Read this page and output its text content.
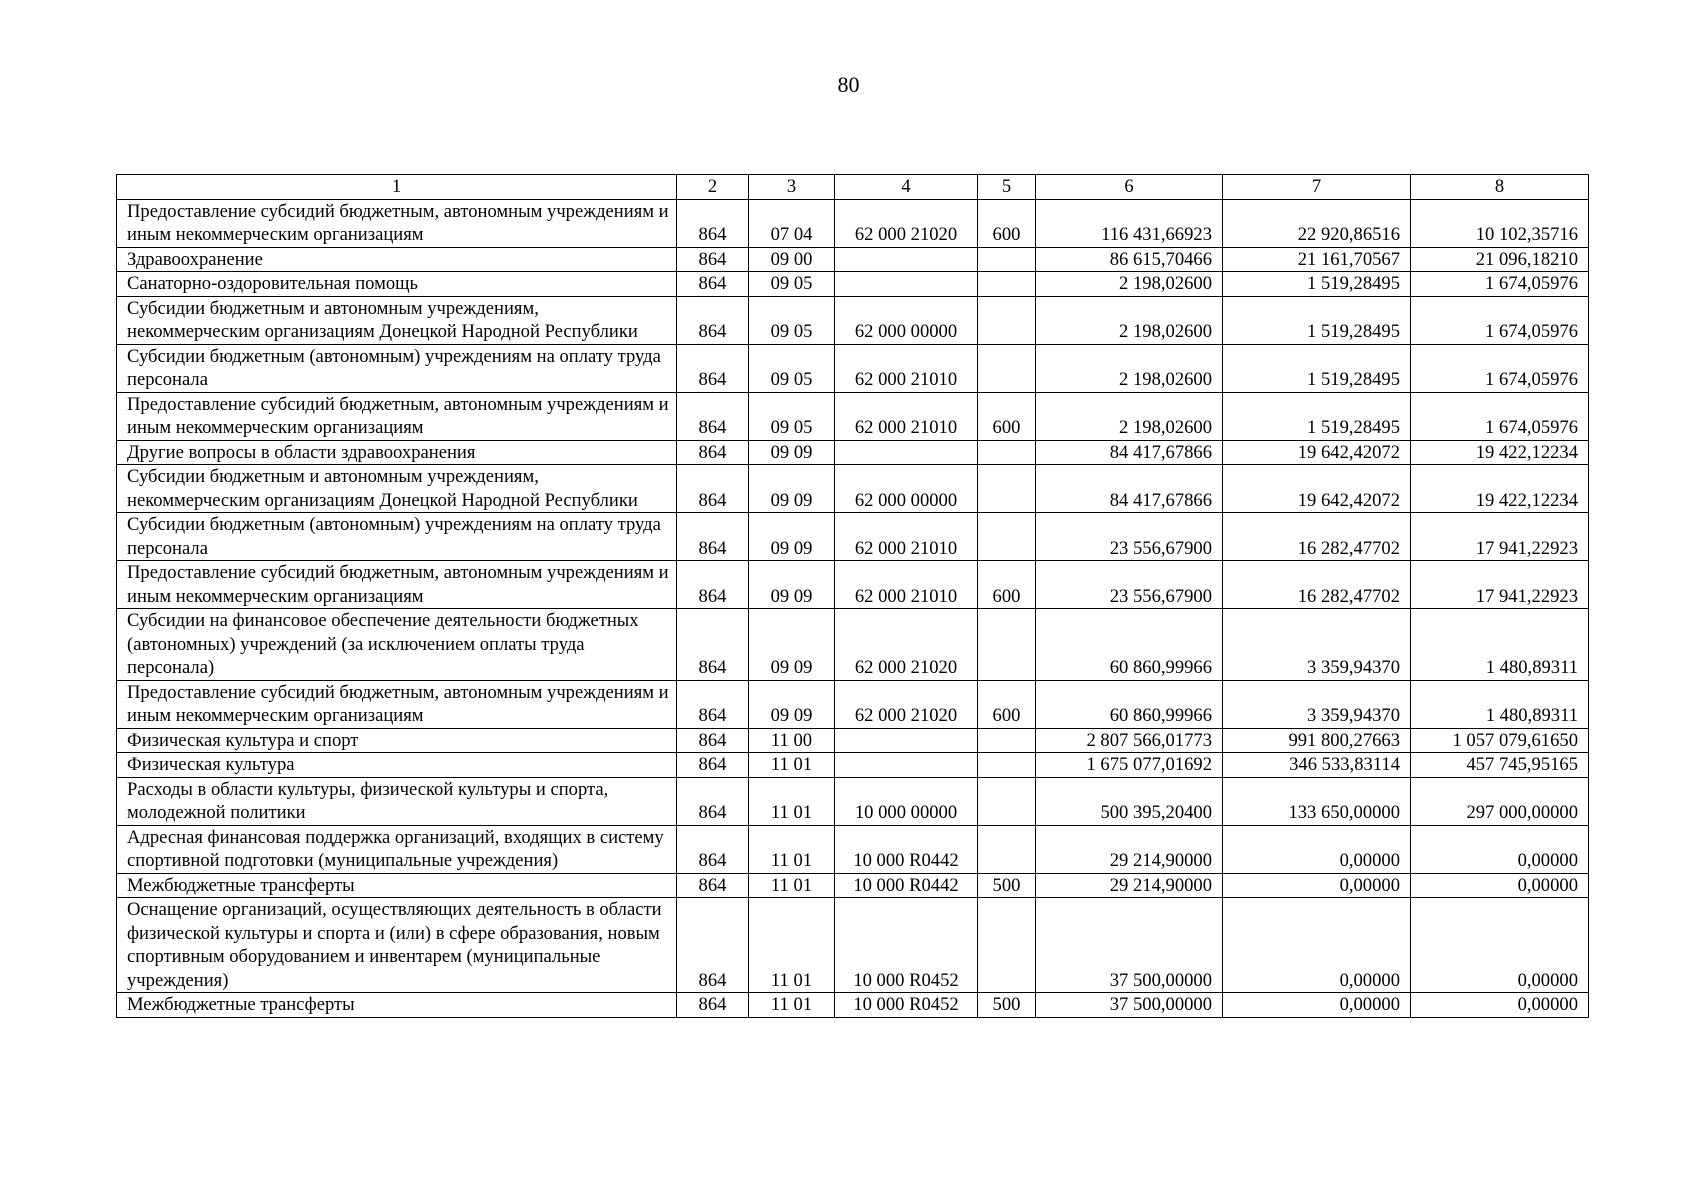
80
1	2	3	4	5	6	7	8
Предоставление субсидий бюджетным, автономным учреждениям и иным некоммерческим организациям	864	07 04	62 000 21020	600	116 431,66923	22 920,86516	10 102,35716
Здравоохранение	864	09 00			86 615,70466	21 161,70567	21 096,18210
Санаторно-оздоровительная помощь	864	09 05			2 198,02600	1 519,28495	1 674,05976
Субсидии бюджетным и автономным учреждениям, некоммерческим организациям Донецкой Народной Республики	864	09 05	62 000 00000		2 198,02600	1 519,28495	1 674,05976
Субсидии бюджетным (автономным) учреждениям на оплату труда персонала	864	09 05	62 000 21010		2 198,02600	1 519,28495	1 674,05976
Предоставление субсидий бюджетным, автономным учреждениям и иным некоммерческим организациям	864	09 05	62 000 21010	600	2 198,02600	1 519,28495	1 674,05976
Другие вопросы в области здравоохранения	864	09 09			84 417,67866	19 642,42072	19 422,12234
Субсидии бюджетным и автономным учреждениям, некоммерческим организациям Донецкой Народной Республики	864	09 09	62 000 00000		84 417,67866	19 642,42072	19 422,12234
Субсидии бюджетным (автономным) учреждениям на оплату труда персонала	864	09 09	62 000 21010		23 556,67900	16 282,47702	17 941,22923
Предоставление субсидий бюджетным, автономным учреждениям и иным некоммерческим организациям	864	09 09	62 000 21010	600	23 556,67900	16 282,47702	17 941,22923
Субсидии на финансовое обеспечение деятельности бюджетных (автономных) учреждений (за исключением оплаты труда персонала)	864	09 09	62 000 21020		60 860,99966	3 359,94370	1 480,89311
Предоставление субсидий бюджетным, автономным учреждениям и иным некоммерческим организациям	864	09 09	62 000 21020	600	60 860,99966	3 359,94370	1 480,89311
Физическая культура и спорт	864	11 00			2 807 566,01773	991 800,27663	1 057 079,61650
Физическая культура	864	11 01			1 675 077,01692	346 533,83114	457 745,95165
Расходы в области культуры, физической культуры и спорта, молодежной политики	864	11 01	10 000 00000		500 395,20400	133 650,00000	297 000,00000
Адресная финансовая поддержка организаций, входящих в систему спортивной подготовки (муниципальные учреждения)	864	11 01	10 000 R0442		29 214,90000	0,00000	0,00000
Межбюджетные трансферты	864	11 01	10 000 R0442	500	29 214,90000	0,00000	0,00000
Оснащение организаций, осуществляющих деятельность в области физической культуры и спорта и (или) в сфере образования, новым спортивным оборудованием и инвентарем (муниципальные учреждения)	864	11 01	10 000 R0452		37 500,00000	0,00000	0,00000
Межбюджетные трансферты	864	11 01	10 000 R0452	500	37 500,00000	0,00000	0,00000
